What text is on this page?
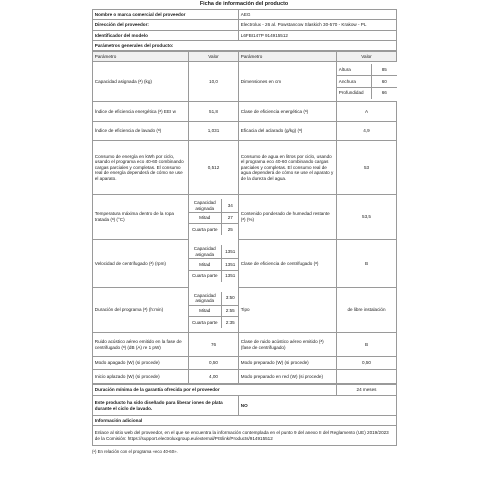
Ficha de información del producto
Nombre o marca comercial del proveedor	AEG
Dirección del proveedor:	Electrolux - 26 al. Powstancow Slaskich 30-570 - Krakow - PL
Identificador del modelo	L6FBI147P 914915512
Parámetros generales del producto:	
Parámetro	Valor	Parámetro	Valor
Capacidad asignada (ᵃ) (kg)	10,0	Dimensiones en cm	
Altura	85
Anchura	60
Profundidad	66

Índice de eficiencia energética (ᵃ) EEI w	51,8	Clase de eficiencia energética (ᵃ)	A
Índice de eficiencia de lavado (ᵃ)	1,031	Eficacia del aclarado (g/kg) (ᵃ)	4,9
Consumo de energía en kWh por ciclo, usando el programa eco 40-60 combinando cargas parciales y completas. El consumo real de energía dependerá de cómo se use el aparato.	0,512	Consumo de agua en litros por ciclo, usando el programa eco 40-60 combinando cargas parciales y completas. El consumo real de agua dependerá de cómo se use el aparato y de la dureza del agua.	53
Temperatura máxima dentro de la ropa tratada (ᵃ) (°C)	
Capacidad asignada	34
Mitad	27
Cuarta parte	25
	Contenido ponderado de humedad restante (ᵃ) (%)	53,5
Velocidad de centrifugado (ᵃ) (rpm)	
Capacidad asignada	1351
Mitad	1351
Cuarta parte	1351
	Clase de eficiencia de centrifugado (ᵃ)	B
Duración del programa (ᵃ) (h:min)	
Capacidad asignada	3:50
Mitad	2:55
Cuarta parte	2:35
	Tipo	de libre instalación
Ruido acústico aéreo emitido en la fase de centrifugado (ᵃ) (dB (A) re 1 pW)	76	Clase de ruido acústico aéreo emitido (ᵃ) (fase de centrifugado)	B
Modo apagado (W) (si procede)	0,50	Modo preparado (W) (si procede)	0,50
Inicio aplazado (W) (si procede)	4,00	Modo preparado en red (W) (si procede)	
Duración mínima de la garantía ofrecida por el proveedor		24 meses
Este producto ha sido diseñado para liberar iones de plata durante el ciclo de lavado.	NO	
Información adicional		
Enlace al sitio web del proveedor, en el que se encuentra la información contemplada en el punto 9 del anexo II del Reglamento (UE) 2019/2023 de la Comisión: https://support.electroluxgroup.eu/external/PISlink/Products/914915512		
(ᵃ) En relación con el programa «eco 40-60».
